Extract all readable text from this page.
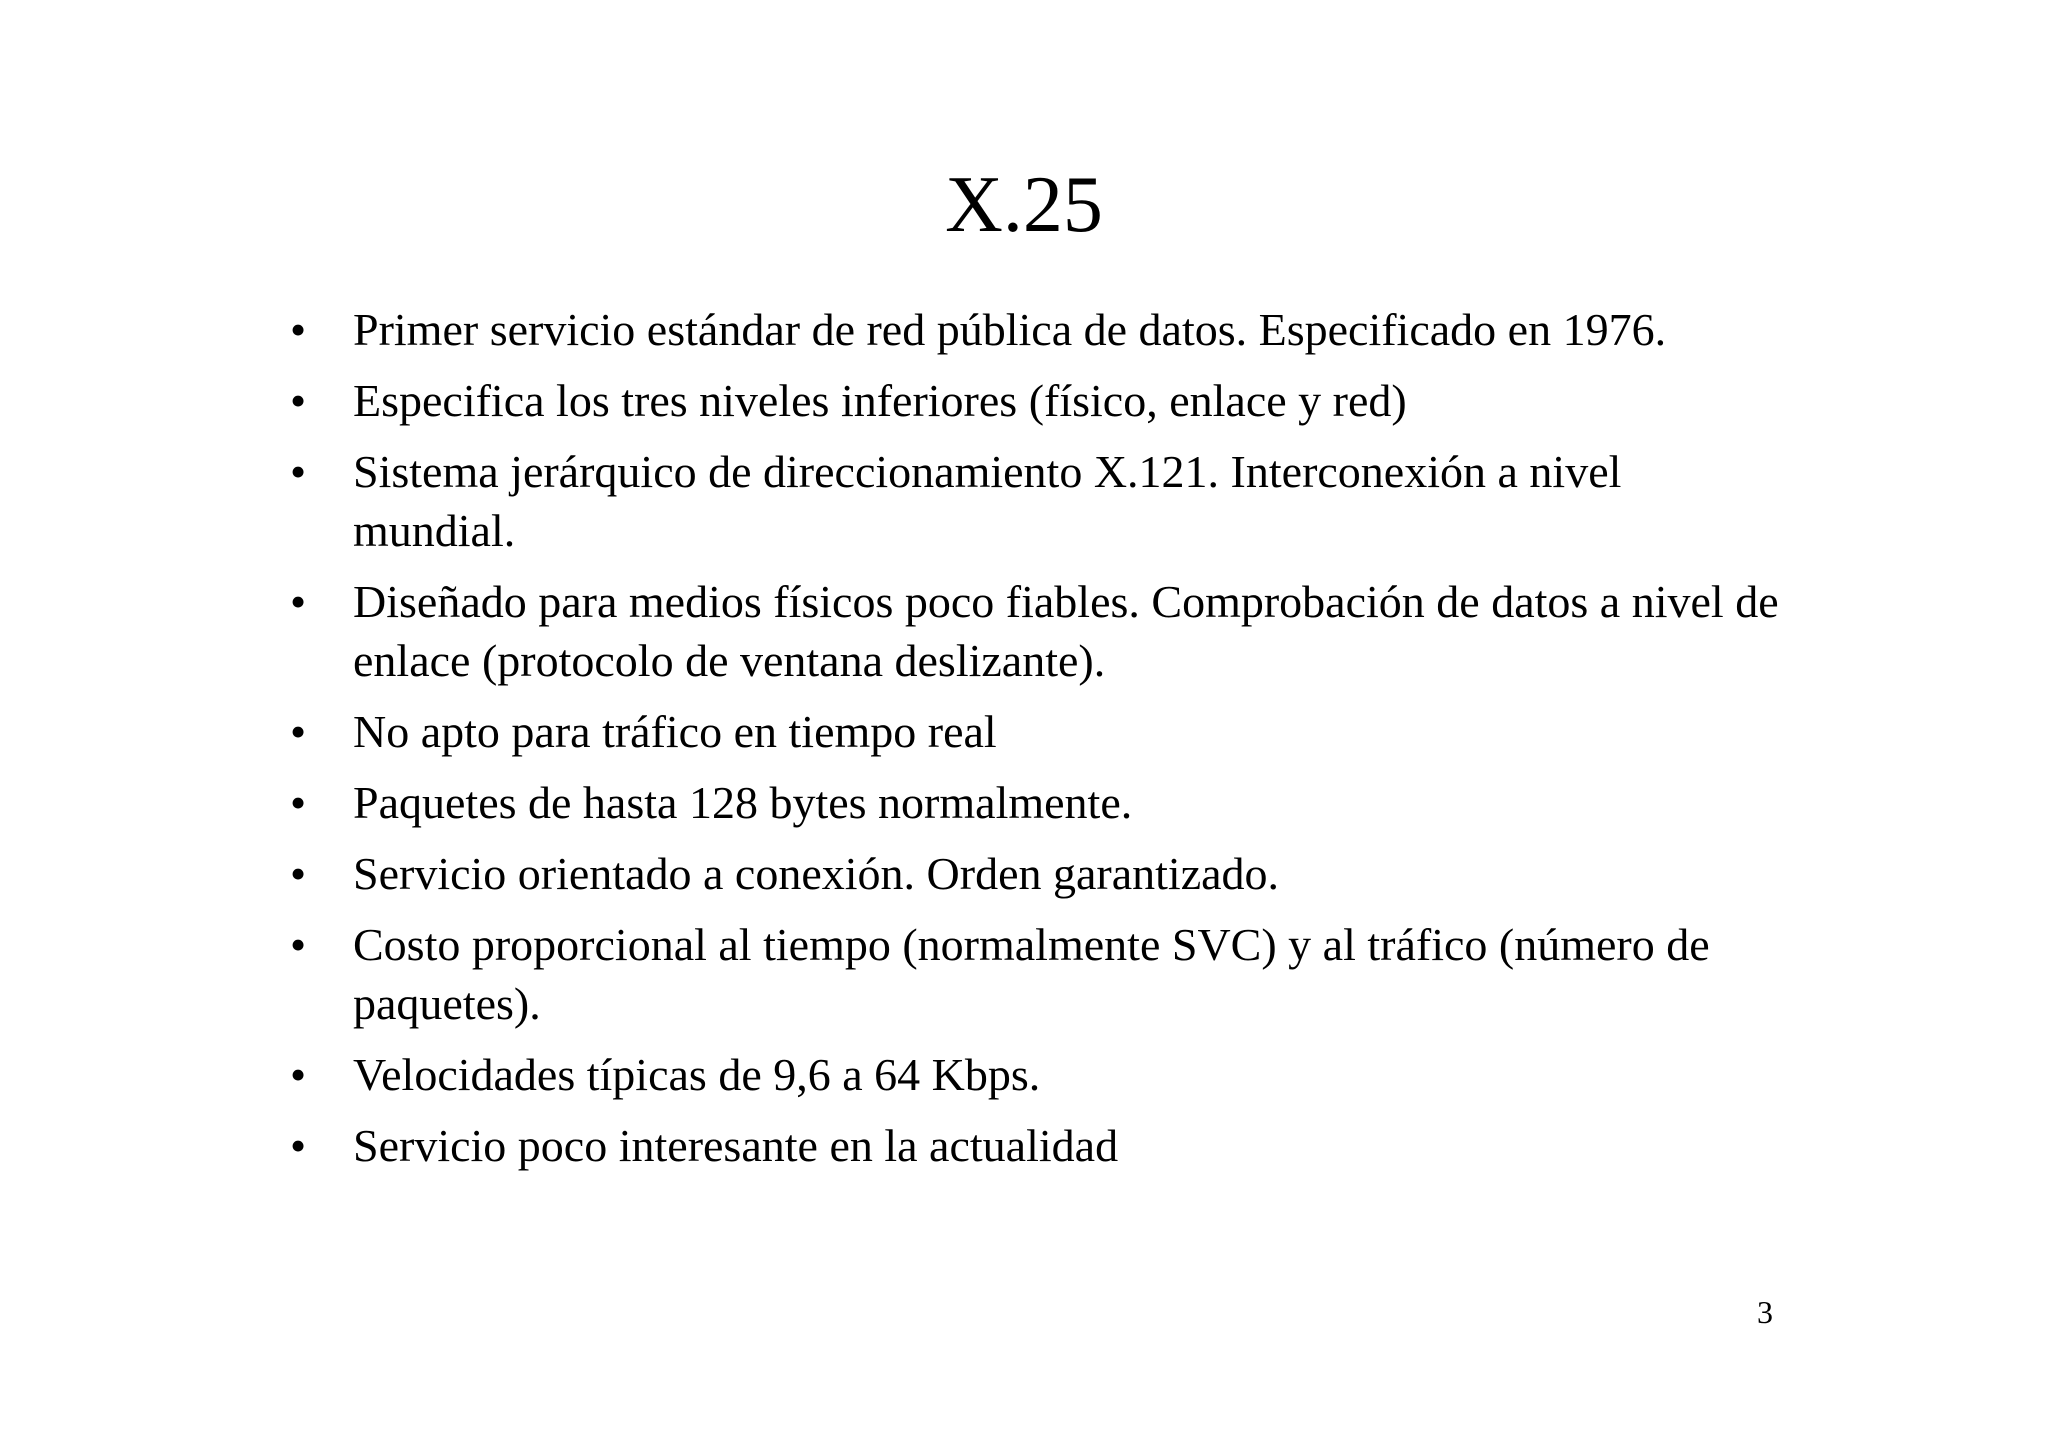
X.25
• Primer servicio estándar de red pública de datos. Especificado en 1976.
• Especifica los tres niveles inferiores (físico, enlace y red)
• Sistema jerárquico de direccionamiento X.121. Interconexión a nivel mundial.
• Diseñado para medios físicos poco fiables. Comprobación de datos a nivel de enlace (protocolo de ventana deslizante).
• No apto para tráfico en tiempo real
• Paquetes de hasta 128 bytes normalmente.
• Servicio orientado a conexión. Orden garantizado.
• Costo proporcional al tiempo (normalmente SVC) y al tráfico (número de paquetes).
• Velocidades típicas de 9,6 a 64 Kbps.
• Servicio poco interesante en la actualidad
3
